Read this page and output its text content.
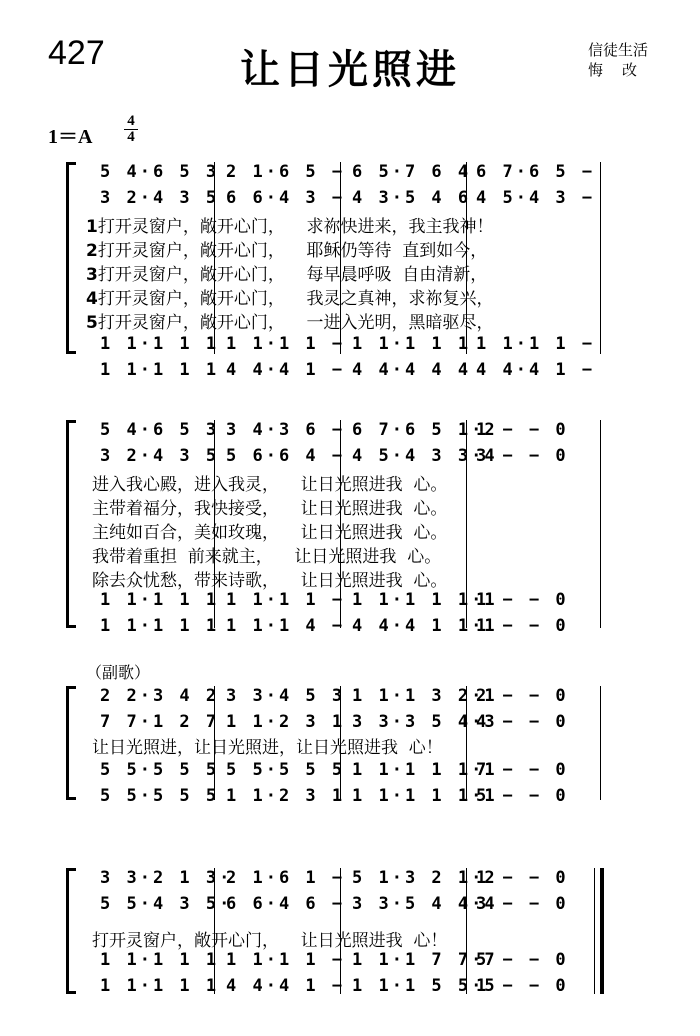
427	让日光照进	信徒生活
悔    改
1＝A
4
4
（副歌）
5 4·6 5 3 2 1·6 5 − 6 5·7 6 4 6 7·6 5 −
3 2·4 3 5 6 6·4 3 − 4 3·5 4 6 4 5·4 3 −
1打开灵窗户，敞开心门，    求祢快进来，我主我神！
2打开灵窗户，敞开心门，    耶稣仍等待  直到如今，
3打开灵窗户，敞开心门，    每早晨呼吸  自由清新，
4打开灵窗户，敞开心门，    我灵之真神，求祢复兴，
5打开灵窗户，敞开心门，    一进入光明，黑暗驱尽，
1 1·1 1 1 1 1·1 1 − 1 1·1 1 1 1 1·1 1 −
1 1·1 1 1 4 4·4 1 − 4 4·4 4 4 4 4·4 1 −
5 4·6 5 3 3 4·3 6 − 6 7·6 5 1·2
1 − − 0
3 2·4 3 5 5 6·6 4 − 4 5·4 3 3·4
3 − − 0
进入我心殿，进入我灵，    让日光照进我  心。
主带着福分，我快接受，    让日光照进我  心。
主纯如百合，美如玫瑰，    让日光照进我  心。
我带着重担  前来就主，    让日光照进我  心。
除去众忧愁，带来诗歌，    让日光照进我  心。
1 1·1 1 1 1 1·1 1 − 1 1·1 1 1·1
1 − − 0
1 1·1 1 1 1 1·1 4 − 4 4·4 1 1·1
1 − − 0
2 2·3 4 2 3 3·4 5 3 1 1·1 3 2·1
2 − − 0
7 7·1 2 7 1 1·2 3 1 3 3·3 5 4·3
4 − − 0
让日光照进，让日光照进，让日光照进我  心！
5 5·5 5 5 5 5·5 5 5 1 1·1 1 1·1
7 − − 0
5 5·5 5 5 1 1·2 3 1 1 1·1 1 1·1
5 − − 0
3 3·2 1 3·
2 1·6 1 − 5 1·3 2 1·2
1 − − 0
5 5·4 3 5·
6 6·4 6 − 3 3·5 4 4·4
3 − − 0
打开灵窗户，敞开心门，    让日光照进我  心！
1 1·1 1 1 1 1·1 1 − 1 1·1 7 7·7
5 − − 0
1 1·1 1 1 4 4·4 1 − 1 1·1 5 5·5
1 − − 0
